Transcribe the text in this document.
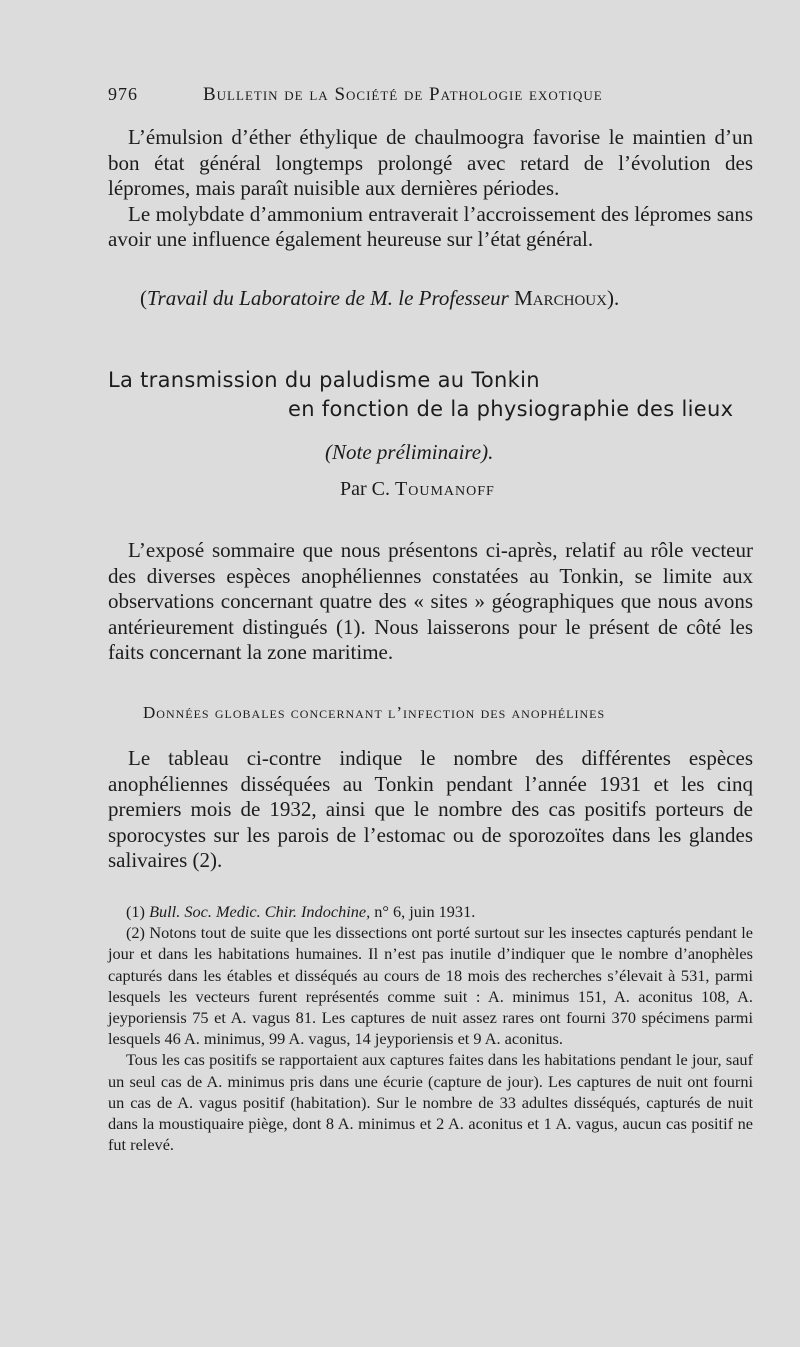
976	Bulletin de la Société de Pathologie exotique

L’émulsion d’éther éthylique de chaulmoogra favorise le maintien d’un bon état général longtemps prolongé avec retard de l’évolution des lépromes, mais paraît nuisible aux dernières périodes.

Le molybdate d’ammonium entraverait l’accroissement des lépromes sans avoir une influence également heureuse sur l’état général.

(Travail du Laboratoire de M. le Professeur Marchoux).
La transmission du paludisme au Tonkin
en fonction de la physiographie des lieux
(Note préliminaire).
Par C. Toumanoff

L’exposé sommaire que nous présentons ci-après, relatif au rôle vecteur des diverses espèces anophéliennes constatées au Tonkin, se limite aux observations concernant quatre des « sites » géographiques que nous avons antérieurement distingués (1). Nous laisserons pour le présent de côté les faits concernant la zone maritime.

Données globales concernant l’infection des anophélines

Le tableau ci-contre indique le nombre des différentes espèces anophéliennes disséquées au Tonkin pendant l’année 1931 et les cinq premiers mois de 1932, ainsi que le nombre des cas positifs porteurs de sporocystes sur les parois de l’estomac ou de sporozoïtes dans les glandes salivaires (2).

(1) Bull. Soc. Medic. Chir. Indochine, n° 6, juin 1931.

(2) Notons tout de suite que les dissections ont porté surtout sur les insectes capturés pendant le jour et dans les habitations humaines. Il n’est pas inutile d’indiquer que le nombre d’anophèles capturés dans les étables et disséqués au cours de 18 mois des recherches s’élevait à 531, parmi lesquels les vecteurs furent représentés comme suit : A. minimus 151, A. aconitus 108, A. jeyporiensis 75 et A. vagus 81. Les captures de nuit assez rares ont fourni 370 spécimens parmi lesquels 46 A. minimus, 99 A. vagus, 14 jeyporiensis et 9 A. aconitus.

Tous les cas positifs se rapportaient aux captures faites dans les habitations pendant le jour, sauf un seul cas de A. minimus pris dans une écurie (capture de jour). Les captures de nuit ont fourni un cas de A. vagus positif (habitation). Sur le nombre de 33 adultes disséqués, capturés de nuit dans la moustiquaire piège, dont 8 A. minimus et 2 A. aconitus et 1 A. vagus, aucun cas positif ne fut relevé.
